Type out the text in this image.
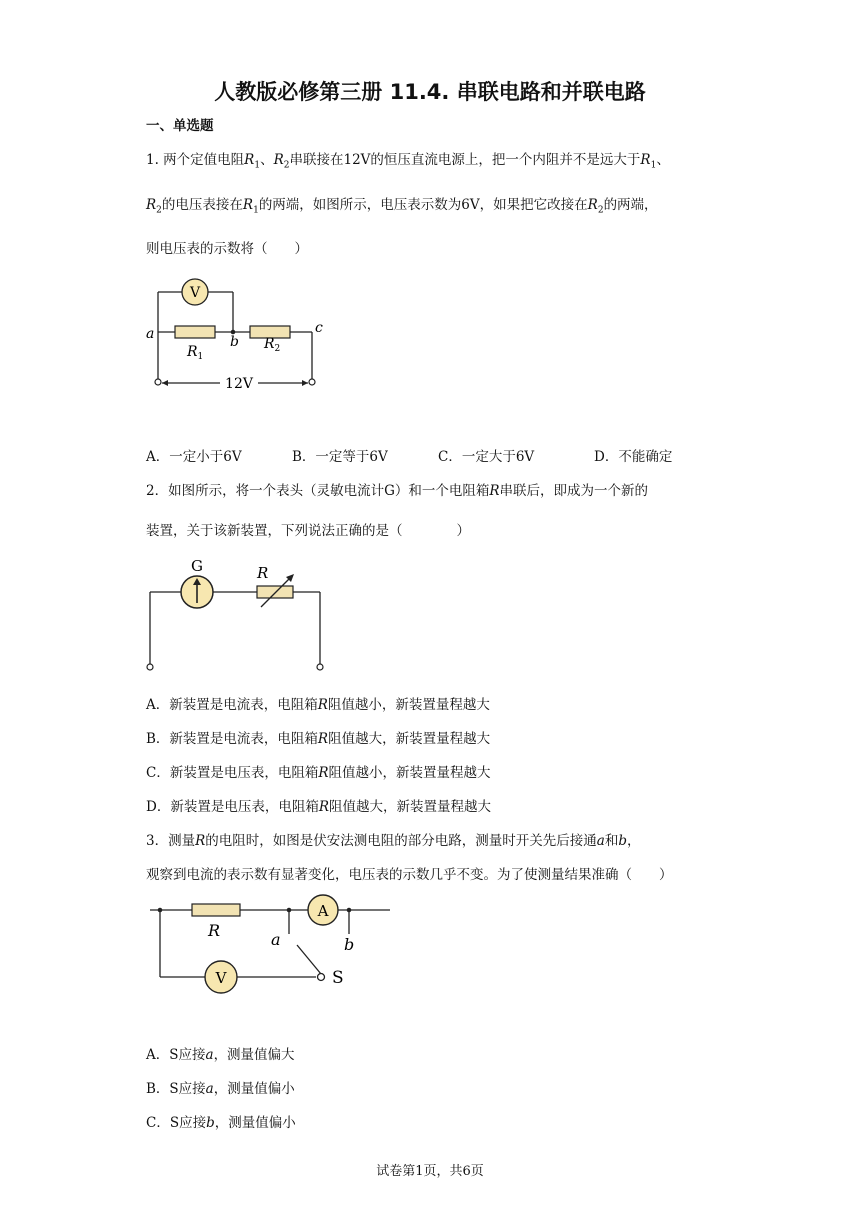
人教版必修第三册 11.4. 串联电路和并联电路
一、单选题
1. 两个定值电阻$R_1$、$R_2$串联接在12V的恒压直流电源上，把一个内阻并不是远大于$R_1$、
$R_2$的电压表接在$R_1$的两端，如图所示，电压表示数为6V，如果把它改接在$R_2$的两端，
则电压表的示数将（　　）
V
a	b
c
$R_1$
$R_2$
12V
A．一定小于6V	B．一定等于6V	C．一定大于6V	D．不能确定
2．如图所示，将一个表头（灵敏电流计G）和一个电阻箱R串联后，即成为一个新的
装置，关于该新装置，下列说法正确的是（　　　　）
G	R
A．新装置是电流表，电阻箱R阻值越小，新装置量程越大
B．新装置是电流表，电阻箱R阻值越大，新装置量程越大
C．新装置是电压表，电阻箱R阻值越小，新装置量程越大
D．新装置是电压表，电阻箱R阻值越大，新装置量程越大
3．测量R的电阻时，如图是伏安法测电阻的部分电路，测量时开关先后接通a和b，
观察到电流的表示数有显著变化，电压表的示数几乎不变。为了使测量结果准确（　　）
A
V
R	a	b
S
A．S应接a，测量值偏大
B．S应接a，测量值偏小
C．S应接b，测量值偏小
试卷第1页，共6页
